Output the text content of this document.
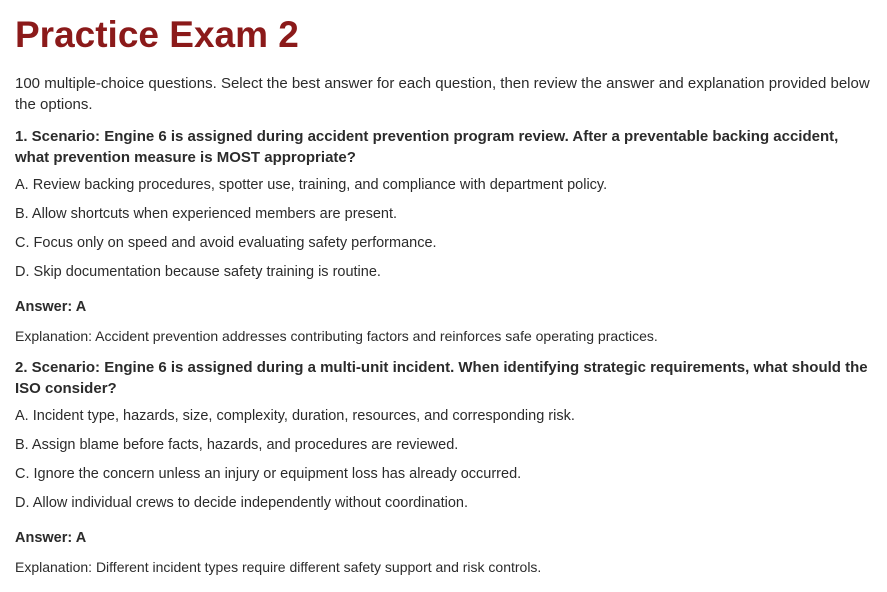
Practice Exam 2

100 multiple-choice questions. Select the best answer for each question, then review the answer and explanation provided below the options.

1. Scenario: Engine 6 is assigned during accident prevention program review. After a preventable backing accident, what prevention measure is MOST appropriate?

A. Review backing procedures, spotter use, training, and compliance with department policy.
B. Allow shortcuts when experienced members are present.
C. Focus only on speed and avoid evaluating safety performance.
D. Skip documentation because safety training is routine.

Answer: A

Explanation: Accident prevention addresses contributing factors and reinforces safe operating practices.

2. Scenario: Engine 6 is assigned during a multi-unit incident. When identifying strategic requirements, what should the ISO consider?

A. Incident type, hazards, size, complexity, duration, resources, and corresponding risk.
B. Assign blame before facts, hazards, and procedures are reviewed.
C. Ignore the concern unless an injury or equipment loss has already occurred.
D. Allow individual crews to decide independently without coordination.

Answer: A

Explanation: Different incident types require different safety support and risk controls.
